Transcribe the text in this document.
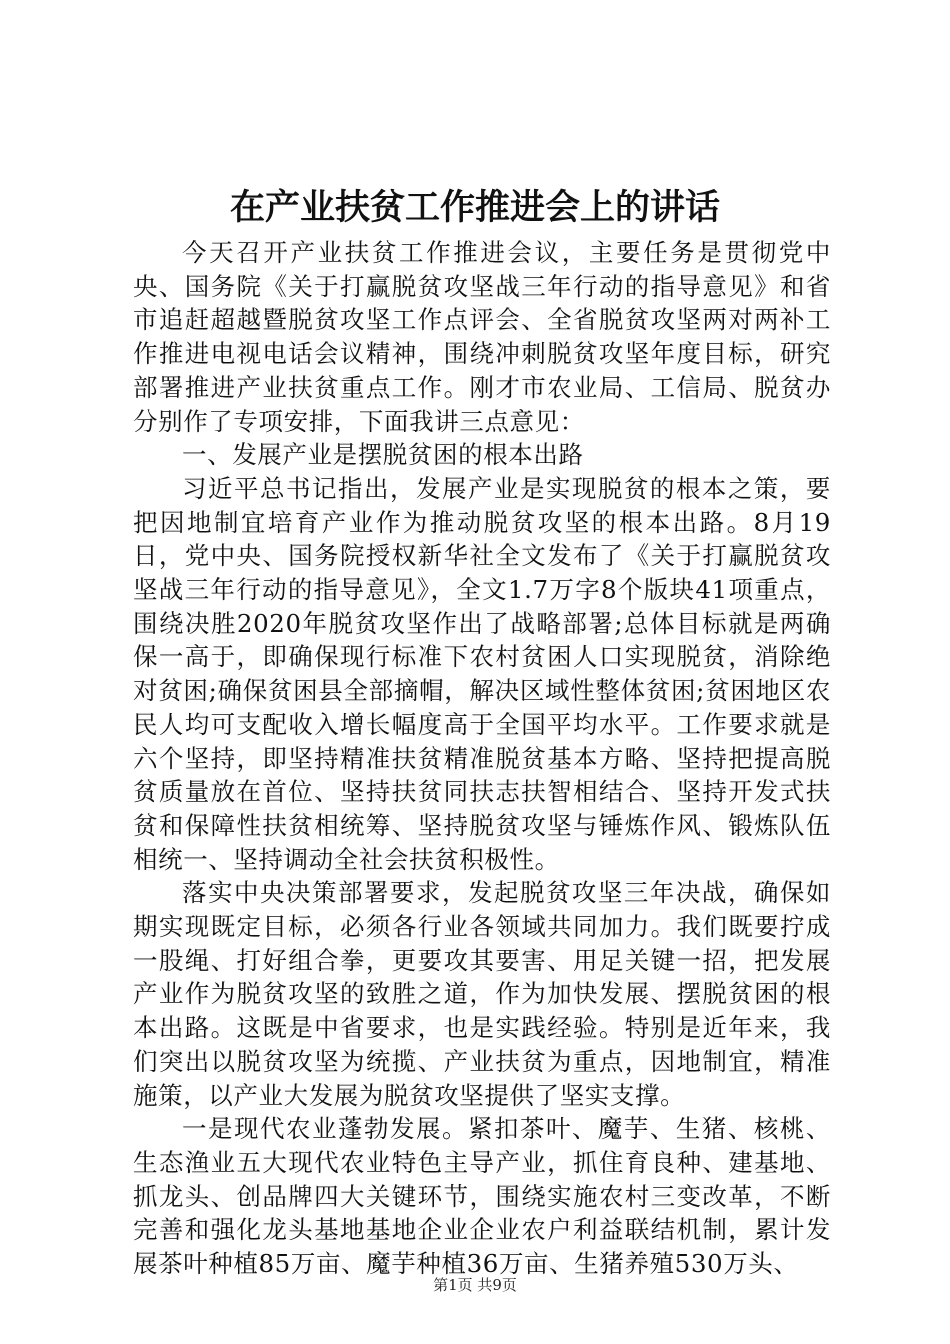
在产业扶贫工作推进会上的讲话

今天召开产业扶贫工作推进会议，主要任务是贯彻党中央、国务院《关于打赢脱贫攻坚战三年行动的指导意见》和省市追赶超越暨脱贫攻坚工作点评会、全省脱贫攻坚两对两补工作推进电视电话会议精神，围绕冲刺脱贫攻坚年度目标，研究部署推进产业扶贫重点工作。刚才市农业局、工信局、脱贫办分别作了专项安排，下面我讲三点意见：

一、发展产业是摆脱贫困的根本出路

习近平总书记指出，发展产业是实现脱贫的根本之策，要把因地制宜培育产业作为推动脱贫攻坚的根本出路。8月19日，党中央、国务院授权新华社全文发布了《关于打赢脱贫攻坚战三年行动的指导意见》，全文1.7万字8个版块41项重点，围绕决胜2020年脱贫攻坚作出了战略部署;总体目标就是两确保一高于，即确保现行标准下农村贫困人口实现脱贫，消除绝对贫困;确保贫困县全部摘帽，解决区域性整体贫困;贫困地区农民人均可支配收入增长幅度高于全国平均水平。工作要求就是六个坚持，即坚持精准扶贫精准脱贫基本方略、坚持把提高脱贫质量放在首位、坚持扶贫同扶志扶智相结合、坚持开发式扶贫和保障性扶贫相统筹、坚持脱贫攻坚与锤炼作风、锻炼队伍相统一、坚持调动全社会扶贫积极性。

落实中央决策部署要求，发起脱贫攻坚三年决战，确保如期实现既定目标，必须各行业各领域共同加力。我们既要拧成一股绳、打好组合拳，更要攻其要害、用足关键一招，把发展产业作为脱贫攻坚的致胜之道，作为加快发展、摆脱贫困的根本出路。这既是中省要求，也是实践经验。特别是近年来，我们突出以脱贫攻坚为统揽、产业扶贫为重点，因地制宜，精准施策，以产业大发展为脱贫攻坚提供了坚实支撑。

一是现代农业蓬勃发展。紧扣茶叶、魔芋、生猪、核桃、生态渔业五大现代农业特色主导产业，抓住育良种、建基地、抓龙头、创品牌四大关键环节，围绕实施农村三变改革，不断完善和强化龙头基地基地企业企业农户利益联结机制，累计发展茶叶种植85万亩、魔芋种植36万亩、生猪养殖530万头、

第1页 共9页
